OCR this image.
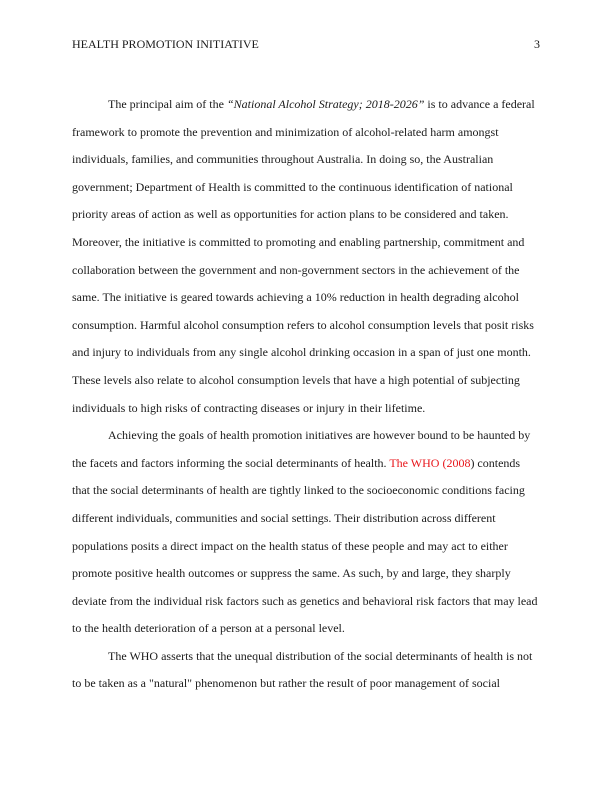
HEALTH PROMOTION INITIATIVE	3

The principal aim of the “National Alcohol Strategy; 2018-2026” is to advance a federal framework to promote the prevention and minimization of alcohol-related harm amongst individuals, families, and communities throughout Australia. In doing so, the Australian government; Department of Health is committed to the continuous identification of national priority areas of action as well as opportunities for action plans to be considered and taken. Moreover, the initiative is committed to promoting and enabling partnership, commitment and collaboration between the government and non-government sectors in the achievement of the same. The initiative is geared towards achieving a 10% reduction in health degrading alcohol consumption. Harmful alcohol consumption refers to alcohol consumption levels that posit risks and injury to individuals from any single alcohol drinking occasion in a span of just one month. These levels also relate to alcohol consumption levels that have a high potential of subjecting individuals to high risks of contracting diseases or injury in their lifetime.

Achieving the goals of health promotion initiatives are however bound to be haunted by the facets and factors informing the social determinants of health. The WHO (2008) contends that the social determinants of health are tightly linked to the socioeconomic conditions facing different individuals, communities and social settings. Their distribution across different populations posits a direct impact on the health status of these people and may act to either promote positive health outcomes or suppress the same. As such, by and large, they sharply deviate from the individual risk factors such as genetics and behavioral risk factors that may lead to the health deterioration of a person at a personal level.

The WHO asserts that the unequal distribution of the social determinants of health is not to be taken as a "natural" phenomenon but rather the result of poor management of social
